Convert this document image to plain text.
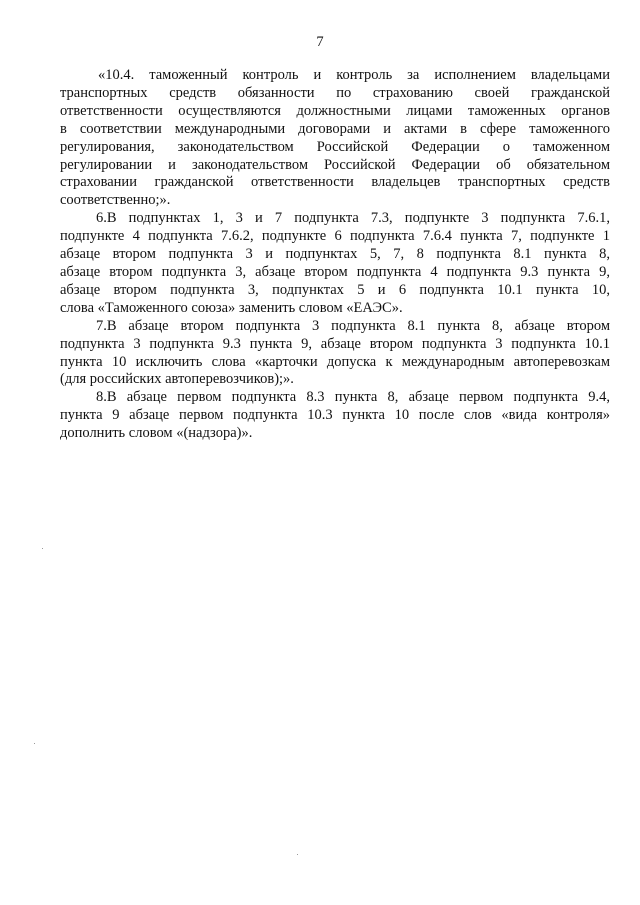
7
«10.4. таможенный контроль и контроль за исполнением владельцами
транспортных средств обязанности по страхованию своей гражданской
ответственности осуществляются должностными лицами таможенных органов
в соответствии международными договорами и актами в сфере таможенного
регулирования, законодательством Российской Федерации о таможенном
регулировании и законодательством Российской Федерации об обязательном
страховании гражданской ответственности владельцев транспортных средств
соответственно;».
6.В подпунктах 1, 3 и 7 подпункта 7.3, подпункте 3 подпункта 7.6.1,
подпункте 4 подпункта 7.6.2, подпункте 6 подпункта 7.6.4 пункта 7, подпункте 1
абзаце втором подпункта 3 и подпунктах 5, 7, 8 подпункта 8.1 пункта 8,
абзаце втором подпункта 3, абзаце втором подпункта 4 подпункта 9.3 пункта 9,
абзаце втором подпункта 3, подпунктах 5 и 6 подпункта 10.1 пункта 10,
слова «Таможенного союза» заменить словом «ЕАЭС».
7.В абзаце втором подпункта 3 подпункта 8.1 пункта 8, абзаце втором
подпункта 3 подпункта 9.3 пункта 9, абзаце втором подпункта 3 подпункта 10.1
пункта 10 исключить слова «карточки допуска к международным автоперевозкам
(для российских автоперевозчиков);».
8.В абзаце первом подпункта 8.3 пункта 8, абзаце первом подпункта 9.4,
пункта 9 абзаце первом подпункта 10.3 пункта 10 после слов «вида контроля»
дополнить словом «(надзора)».
